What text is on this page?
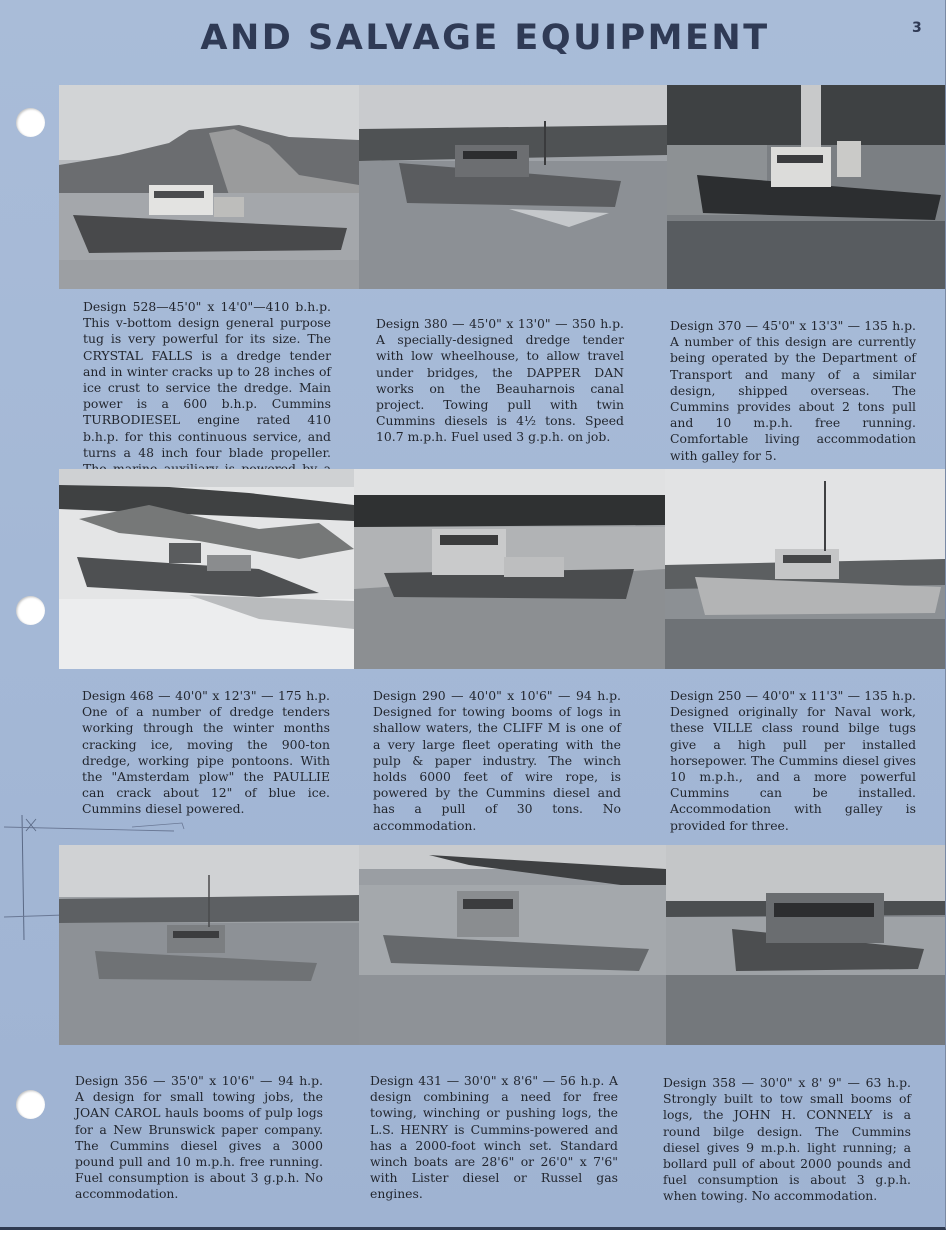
AND SALVAGE EQUIPMENT	3

Design 528—45'0" x 14'0"—410 b.h.p. This v-bottom design general purpose tug is very powerful for its size. The CRYSTAL FALLS is a dredge tender and in winter cracks up to 28 inches of ice crust to service the dredge. Main power is a 600 b.h.p. Cummins TURBODIESEL engine rated 410 b.h.p. for this continuous service, and turns a 48 inch four blade propeller.

Design 380 — 45'0" x 13'0" — 350 h.p. A specially-designed dredge tender with low wheelhouse, to allow travel under bridges, the DAPPER DAN works on the Beauharnois canal project. Towing pull with twin Cummins diesels is 4½ tons. Speed 10.7 m.p.h. Fuel used 3 g.p.h. on job.

Design 370 — 45'0" x 13'3" — 135 h.p. A number of this design are currently being operated by the Department of Transport and many of a similar design, shipped overseas. The Cummins provides about 2 tons pull and 10 m.p.h. free running. Comfortable living accommodation with galley for 5.

Design 468 — 40'0" x 12'3" — 175 h.p. One of a number of dredge tenders working through the winter months cracking ice, moving the 900-ton dredge, working pipe pontoons. With the "Amsterdam plow" the PAULLIE can crack about 12" of blue ice. Cummins diesel powered.

Design 290 — 40'0" x 10'6" — 94 h.p. Designed for towing booms of logs in shallow waters, the CLIFF M is one of a very large fleet operating with the pulp & paper industry. The winch holds 6000 feet of wire rope, is powered by the Cummins diesel and has a pull of 30 tons. No accommodation.

Design 250 — 40'0" x 11'3" — 135 h.p. Designed originally for Naval work, these VILLE class round bilge tugs give a high pull per installed horsepower. The Cummins diesel gives 10 m.p.h., and a more powerful Cummins can be installed. Accommodation with galley is provided for three.

Design 356 — 35'0" x 10'6" — 94 h.p. A design for small towing jobs, the JOAN CAROL hauls booms of pulp logs for a New Brunswick paper company. The Cummins diesel gives a 3000 pound pull and 10 m.p.h. free running. Fuel consumption is about 3 g.p.h. No accommodation.

Design 431 — 30'0" x 8'6" — 56 h.p. A design combining a need for free towing, winching or pushing logs, the L.S. HENRY is Cummins-powered and has a 2000-foot winch set. Standard winch boats are 28'6" or 26'0" x 7'6" with Lister diesel or Russel gas engines.

Design 358 — 30'0" x 8' 9" — 63 h.p. Strongly built to tow small booms of logs, the JOHN H. CONNELY is a round bilge design. The Cummins diesel gives 9 m.p.h. light running; a bollard pull of about 2000 pounds and fuel consumption is about 3 g.p.h. when towing. No accommodation.
